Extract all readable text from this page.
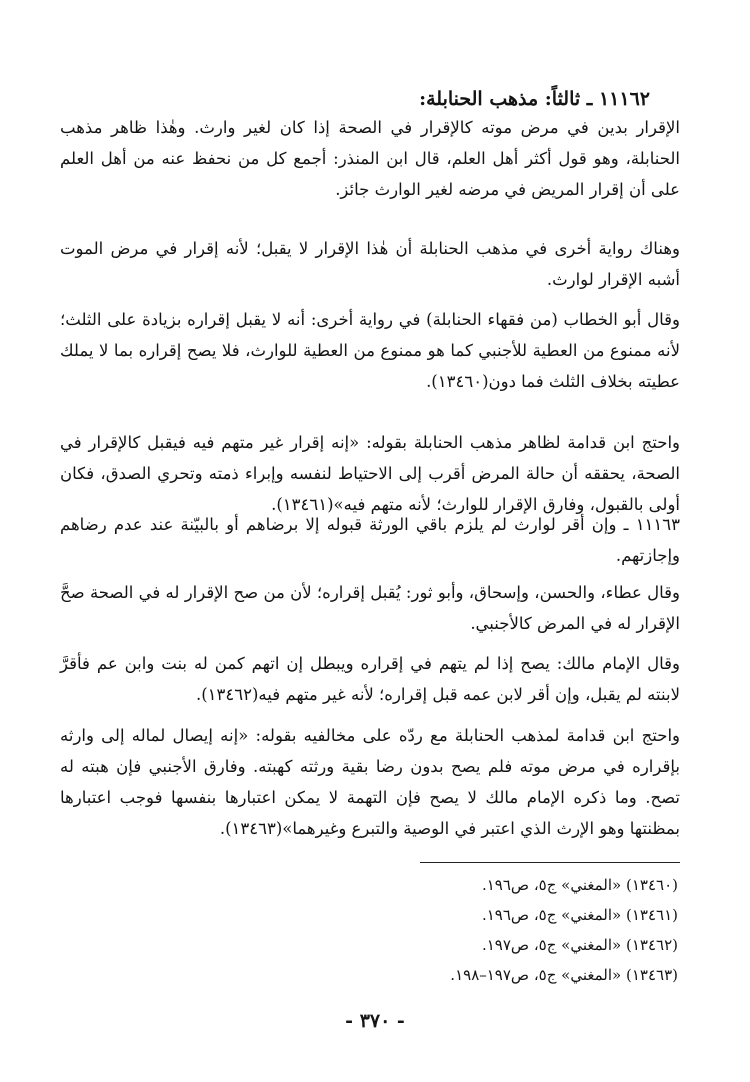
١١١٦٢ ـ ثالثاً: مذهب الحنابلة:

الإقرار بدين في مرض موته كالإقرار في الصحة إذا كان لغير وارث. وهٰذا ظاهر مذهب الحنابلة، وهو قول أكثر أهل العلم، قال ابن المنذر: أجمع كل من نحفظ عنه من أهل العلم على أن إقرار المريض في مرضه لغير الوارث جائز.

وهناك رواية أخرى في مذهب الحنابلة أن هٰذا الإقرار لا يقبل؛ لأنه إقرار في مرض الموت أشبه الإقرار لوارث.

وقال أبو الخطاب (من فقهاء الحنابلة) في رواية أخرى: أنه لا يقبل إقراره بزيادة على الثلث؛ لأنه ممنوع من العطية للأجنبي كما هو ممنوع من العطية للوارث، فلا يصح إقراره بما لا يملك عطيته بخلاف الثلث فما دون(١٣٤٦٠).

واحتج ابن قدامة لظاهر مذهب الحنابلة بقوله: «إنه إقرار غير متهم فيه فيقبل كالإقرار في الصحة، يحققه أن حالة المرض أقرب إلى الاحتياط لنفسه وإبراء ذمته وتحري الصدق، فكان أولى بالقبول، وفارق الإقرار للوارث؛ لأنه متهم فيه»(١٣٤٦١).

١١١٦٣ ـ وإن أقر لوارث لم يلزم باقي الورثة قبوله إلا برضاهم أو بالبيّنة عند عدم رضاهم وإجازتهم.

وقال عطاء، والحسن، وإسحاق، وأبو ثور: يُقبل إقراره؛ لأن من صح الإقرار له في الصحة صحَّ الإقرار له في المرض كالأجنبي.

وقال الإمام مالك: يصح إذا لم يتهم في إقراره ويبطل إن اتهم كمن له بنت وابن عم فأقرَّ لابنته لم يقبل، وإن أقر لابن عمه قبل إقراره؛ لأنه غير متهم فيه(١٣٤٦٢).

واحتج ابن قدامة لمذهب الحنابلة مع ردّه على مخالفيه بقوله: «إنه إيصال لماله إلى وارثه بإقراره في مرض موته فلم يصح بدون رضا بقية ورثته كهبته. وفارق الأجنبي فإن هبته له تصح. وما ذكره الإمام مالك لا يصح فإن التهمة لا يمكن اعتبارها بنفسها فوجب اعتبارها بمظنتها وهو الإرث الذي اعتبر في الوصية والتبرع وغيرهما»(١٣٤٦٣).

(١٣٤٦٠) «المغني» ج٥، ص١٩٦.
(١٣٤٦١) «المغني» ج٥، ص١٩٦.
(١٣٤٦٢) «المغني» ج٥، ص١٩٧.
(١٣٤٦٣) «المغني» ج٥، ص١٩٧–١٩٨.
- ٣٧٠ -
